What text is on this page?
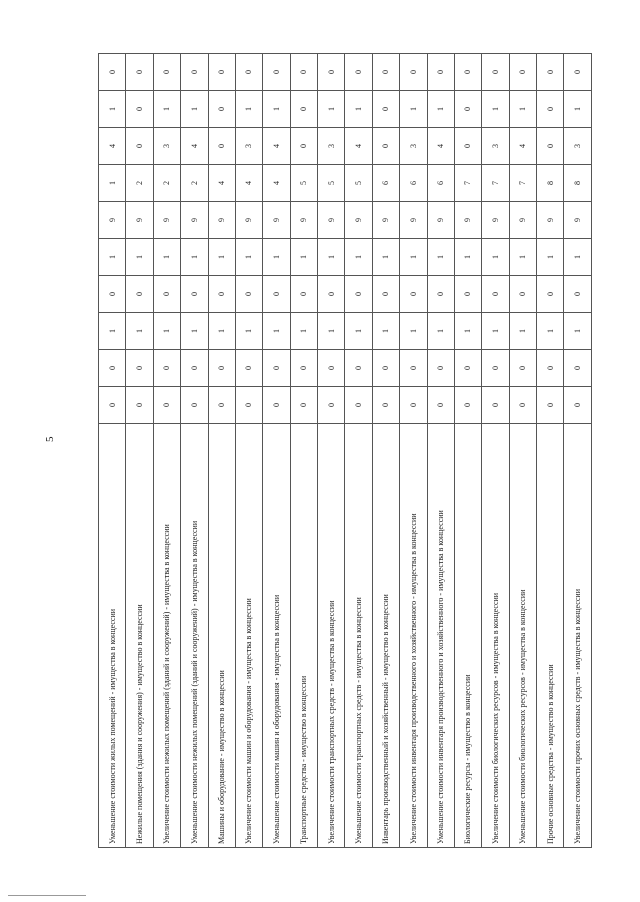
5
Уменьшение стоимости жилых помещений - имущества в концессии	0	0	1	0	1	9	1	4	1	0
Нежилые помещения (здания и сооружения) - имущество в концессии	0	0	1	0	1	9	2	0	0	0
Увеличение стоимости нежилых помещений (зданий и сооружений) - имущества в концессии	0	0	1	0	1	9	2	3	1	0
Уменьшение стоимости нежилых помещений (зданий и сооружений) - имущества в концессии	0	0	1	0	1	9	2	4	1	0
Машины и оборудование - имущество в концессии	0	0	1	0	1	9	4	0	0	0
Увеличение стоимости машин и оборудования - имущества в концессии	0	0	1	0	1	9	4	3	1	0
Уменьшение стоимости машин и оборудования - имущества в концессии	0	0	1	0	1	9	4	4	1	0
Транспортные средства - имущество в концессии	0	0	1	0	1	9	5	0	0	0
Увеличение стоимости транспортных средств - имущества в концессии	0	0	1	0	1	9	5	3	1	0
Уменьшение стоимости транспортных средств - имущества в концессии	0	0	1	0	1	9	5	4	1	0
Инвентарь производственный и хозяйственный - имущество в концессии	0	0	1	0	1	9	6	0	0	0
Увеличение стоимости инвентаря производственного и хозяйственного - имущества в концессии	0	0	1	0	1	9	6	3	1	0
Уменьшение стоимости инвентаря производственного и хозяйственного - имущества в концессии	0	0	1	0	1	9	6	4	1	0
Биологические ресурсы - имущество в концессии	0	0	1	0	1	9	7	0	0	0
Увеличение стоимости биологических ресурсов - имущества в концессии	0	0	1	0	1	9	7	3	1	0
Уменьшение стоимости биологических ресурсов - имущества в концессии	0	0	1	0	1	9	7	4	1	0
Прочие основные средства - имущество в концессии	0	0	1	0	1	9	8	0	0	0
Увеличение стоимости прочих основных средств - имущества в концессии	0	0	1	0	1	9	8	3	1	0
